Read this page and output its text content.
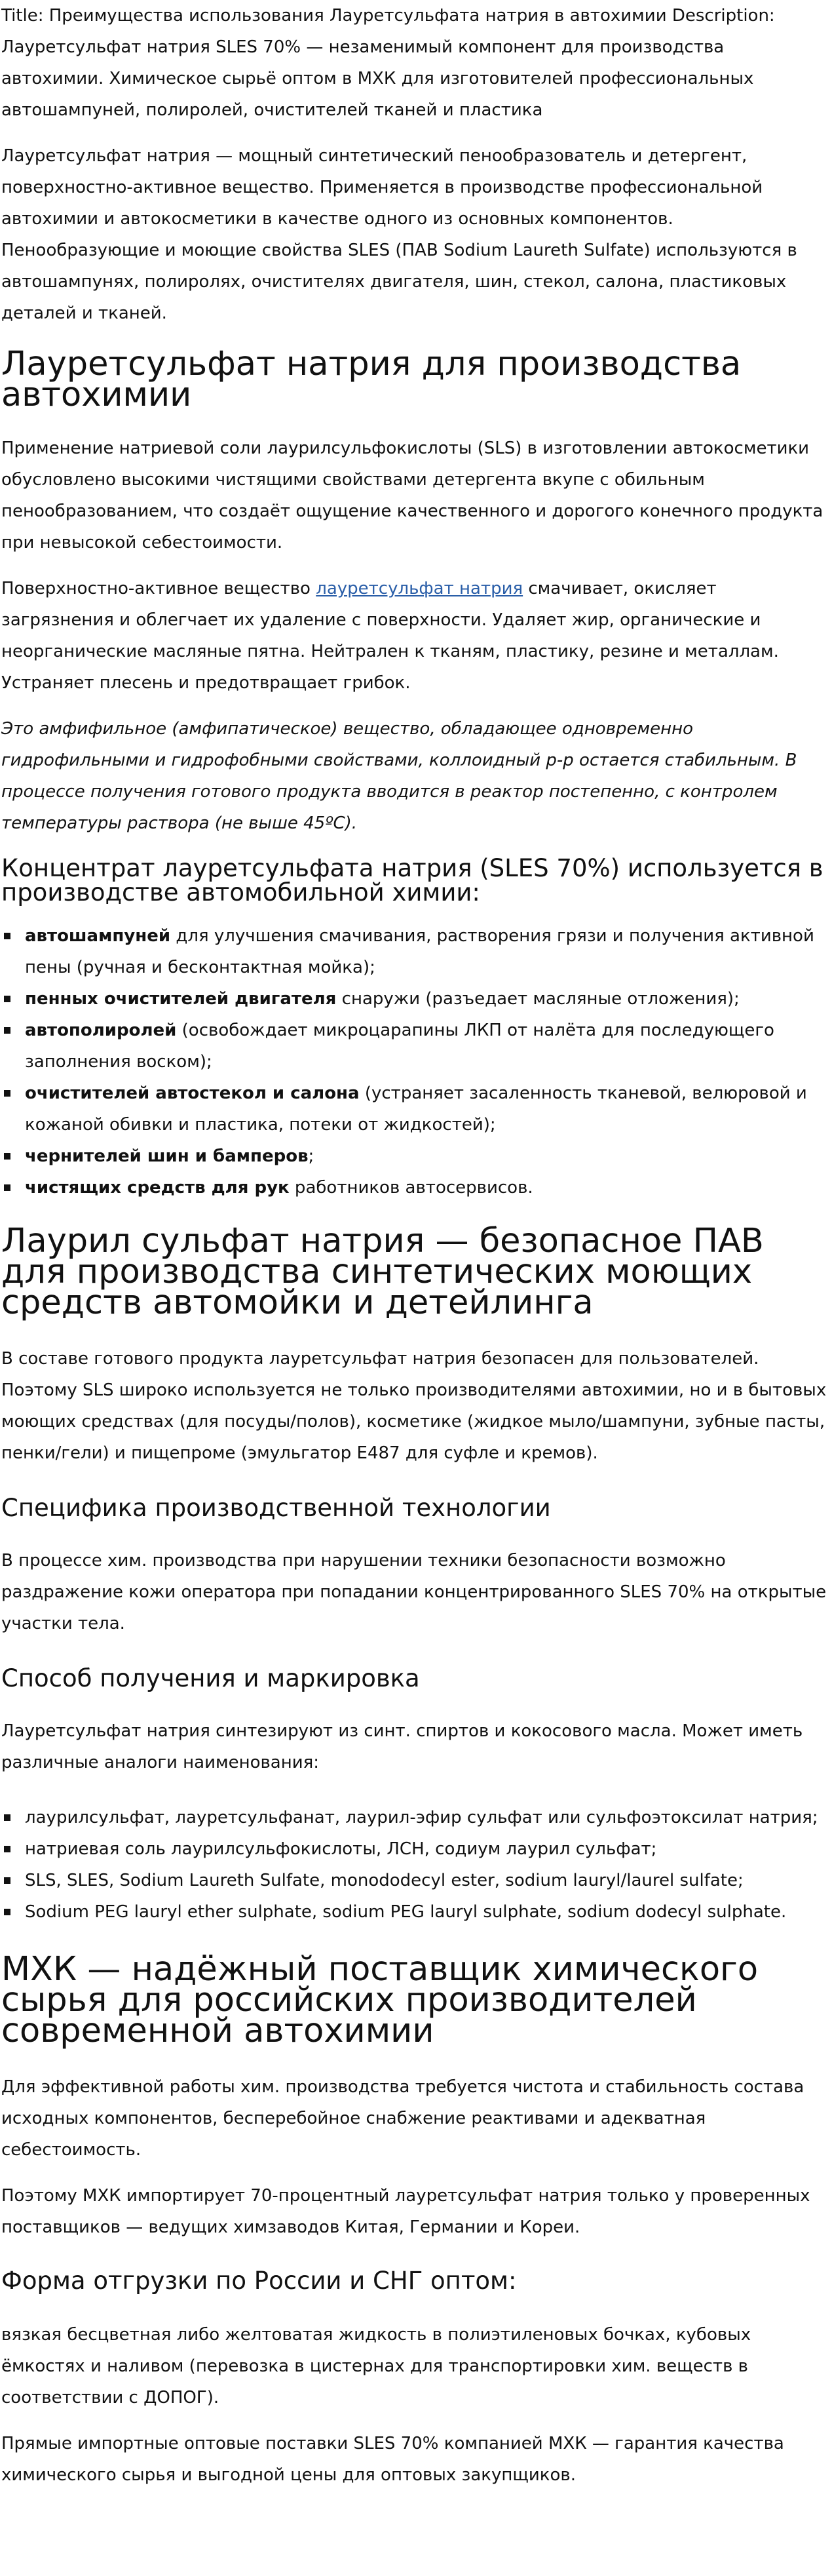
Title: Преимущества использования Лауретсульфата натрия в автохимии Description: Лауретсульфат натрия SLES 70% — незаменимый компонент для производства автохимии. Химическое сырьё оптом в МХК для изготовителей профессиональных автошампуней, полиролей, очистителей тканей и пластика

Лауретсульфат натрия — мощный синтетический пенообразователь и детергент, поверхностно-активное вещество. Применяется в производстве профессиональной автохимии и автокосметики в качестве одного из основных компонентов. Пенообразующие и моющие свойства SLES (ПАВ Sodium Laureth Sulfate) используются в автошампунях, полиролях, очистителях двигателя, шин, стекол, салона, пластиковых деталей и тканей.

Лауретсульфат натрия для производства автохимии

Применение натриевой соли лаурилсульфокислоты (SLS) в изготовлении автокосметики обусловлено высокими чистящими свойствами детергента вкупе с обильным пенообразованием, что создаёт ощущение качественного и дорогого конечного продукта при невысокой себестоимости.

Поверхностно-активное вещество лауретсульфат натрия смачивает, окисляет загрязнения и облегчает их удаление с поверхности. Удаляет жир, органические и неорганические масляные пятна. Нейтрален к тканям, пластику, резине и металлам. Устраняет плесень и предотвращает грибок.

Это амфифильное (амфипатическое) вещество, обладающее одновременно гидрофильными и гидрофобными свойствами, коллоидный р-р остается стабильным. В процессе получения готового продукта вводится в реактор постепенно, с контролем температуры раствора (не выше 45ºC).

Концентрат лауретсульфата натрия (SLES 70%) используется в производстве автомобильной химии:
автошампуней для улучшения смачивания, растворения грязи и получения активной пены (ручная и бесконтактная мойка);
пенных очистителей двигателя снаружи (разъедает масляные отложения);
автополиролей (освобождает микроцарапины ЛКП от налёта для последующего заполнения воском);
очистителей автостекол и салона (устраняет засаленность тканевой, велюровой и кожаной обивки и пластика, потеки от жидкостей);
чернителей шин и бамперов;
чистящих средств для рук работников автосервисов.
Лаурил сульфат натрия — безопасное ПАВ для производства синтетических моющих средств автомойки и детейлинга

В составе готового продукта лауретсульфат натрия безопасен для пользователей. Поэтому SLS широко используется не только производителями автохимии, но и в бытовых моющих средствах (для посуды/полов), косметике (жидкое мыло/шампуни, зубные пасты, пенки/гели) и пищепроме (эмульгатор Е487 для суфле и кремов).

Специфика производственной технологии

В процессе хим. производства при нарушении техники безопасности возможно раздражение кожи оператора при попадании концентрированного SLES 70% на открытые участки тела.

Способ получения и маркировка

Лауретсульфат натрия синтезируют из синт. спиртов и кокосового масла. Может иметь различные аналоги наименования:

лаурилсульфат, лауретсульфанат, лаурил-эфир сульфат или сульфоэтоксилат натрия;
натриевая соль лаурилсульфокислоты, ЛСН, содиум лаурил сульфат;
SLS, SLES, Sodium Laureth Sulfate, monododecyl ester, sodium lauryl/laurel sulfate;
Sodium PEG lauryl ether sulphate, sodium PEG lauryl sulphate, sodium dodecyl sulphate.
МХК — надёжный поставщик химического сырья для российских производителей современной автохимии

Для эффективной работы хим. производства требуется чистота и стабильность состава исходных компонентов, бесперебойное снабжение реактивами и адекватная себестоимость.

Поэтому МХК импортирует 70-процентный лауретсульфат натрия только у проверенных поставщиков — ведущих химзаводов Китая, Германии и Кореи.

Форма отгрузки по России и СНГ оптом:

вязкая бесцветная либо желтоватая жидкость в полиэтиленовых бочках, кубовых ёмкостях и наливом (перевозка в цистернах для транспортировки хим. веществ в соответствии с ДОПОГ).

Прямые импортные оптовые поставки SLES 70% компанией МХК — гарантия качества химического сырья и выгодной цены для оптовых закупщиков.
